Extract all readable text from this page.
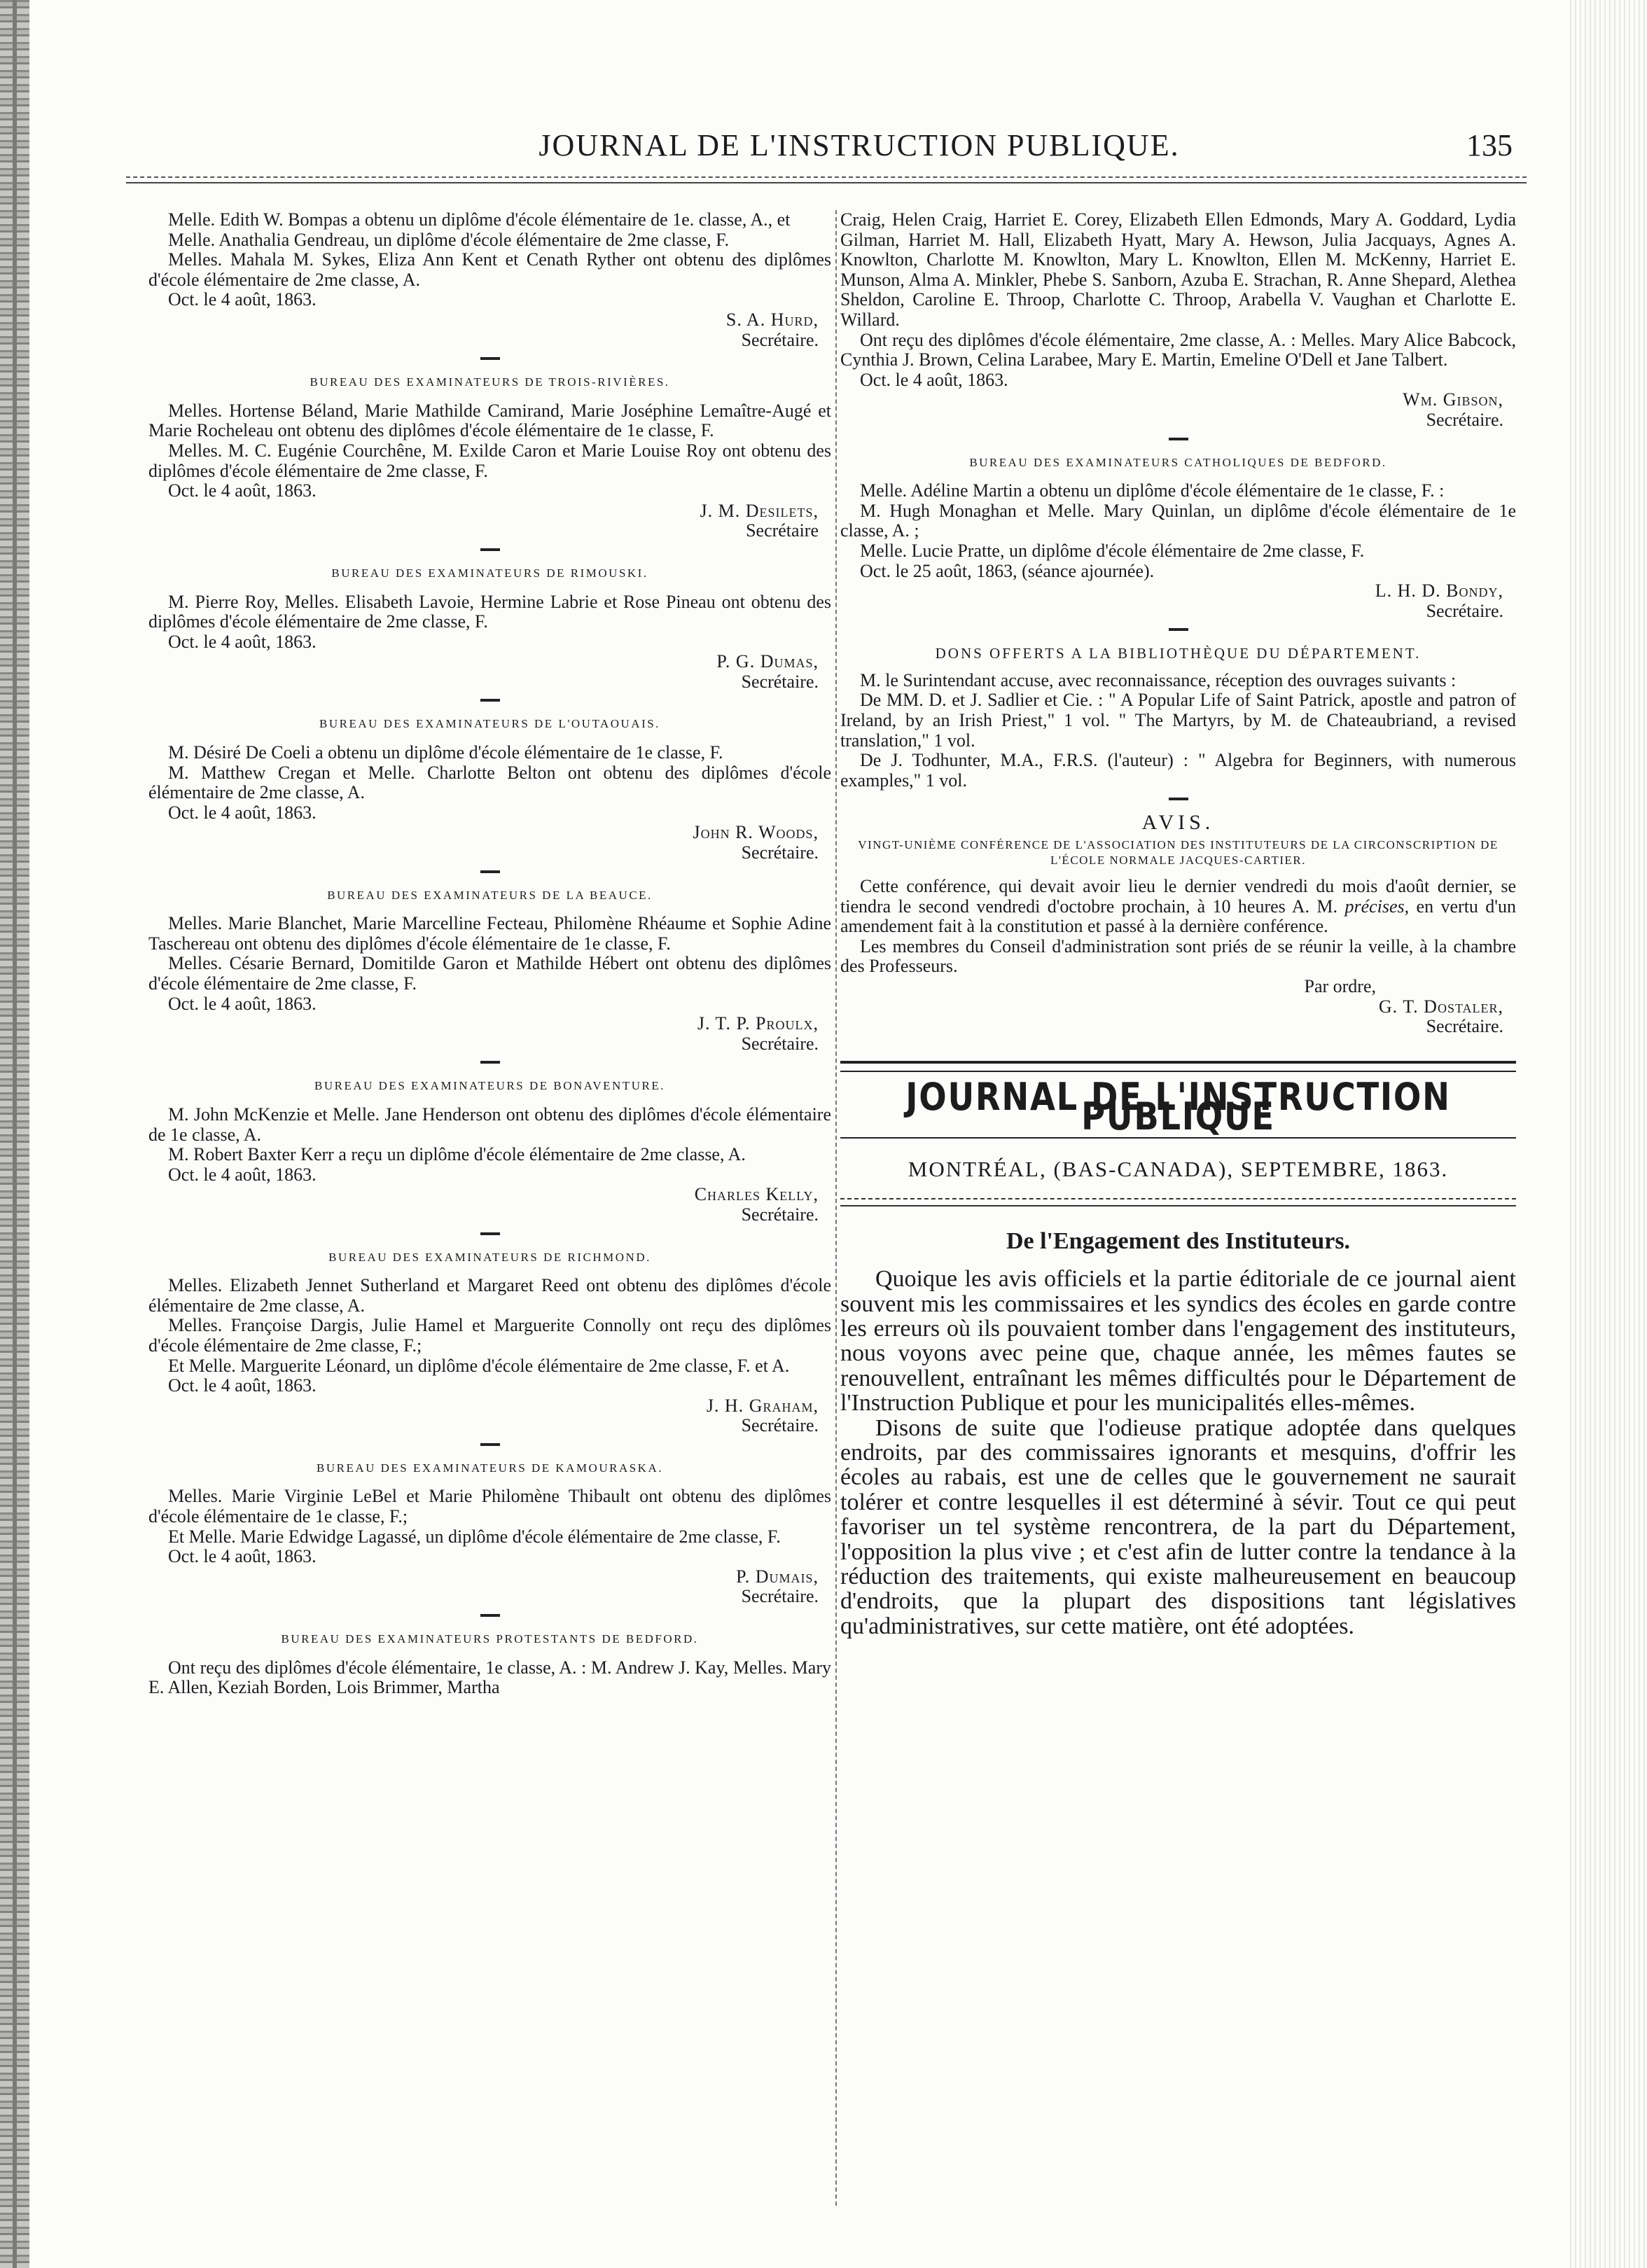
JOURNAL DE L'INSTRUCTION PUBLIQUE.	135

Melle. Edith W. Bompas a obtenu un diplôme d'école élémentaire de 1e. classe, A., et

Melle. Anathalia Gendreau, un diplôme d'école élémentaire de 2me classe, F.

Melles. Mahala M. Sykes, Eliza Ann Kent et Cenath Ryther ont obtenu des diplômes d'école élémentaire de 2me classe, A.

Oct. le 4 août, 1863.

S. A. Hurd,

Secrétaire.

BUREAU DES EXAMINATEURS DE TROIS-RIVIÈRES.

Melles. Hortense Béland, Marie Mathilde Camirand, Marie Joséphine Lemaître-Augé et Marie Rocheleau ont obtenu des diplômes d'école élémentaire de 1e classe, F.

Melles. M. C. Eugénie Courchêne, M. Exilde Caron et Marie Louise Roy ont obtenu des diplômes d'école élémentaire de 2me classe, F.

Oct. le 4 août, 1863.

J. M. Desilets,

Secrétaire

BUREAU DES EXAMINATEURS DE RIMOUSKI.

M. Pierre Roy, Melles. Elisabeth Lavoie, Hermine Labrie et Rose Pineau ont obtenu des diplômes d'école élémentaire de 2me classe, F.

Oct. le 4 août, 1863.

P. G. Dumas,

Secrétaire.

BUREAU DES EXAMINATEURS DE L'OUTAOUAIS.

M. Désiré De Coeli a obtenu un diplôme d'école élémentaire de 1e classe, F.

M. Matthew Cregan et Melle. Charlotte Belton ont obtenu des diplômes d'école élémentaire de 2me classe, A.

Oct. le 4 août, 1863.

John R. Woods,

Secrétaire.

BUREAU DES EXAMINATEURS DE LA BEAUCE.

Melles. Marie Blanchet, Marie Marcelline Fecteau, Philomène Rhéaume et Sophie Adine Taschereau ont obtenu des diplômes d'école élémentaire de 1e classe, F.

Melles. Césarie Bernard, Domitilde Garon et Mathilde Hébert ont obtenu des diplômes d'école élémentaire de 2me classe, F.

Oct. le 4 août, 1863.

J. T. P. Proulx,

Secrétaire.

BUREAU DES EXAMINATEURS DE BONAVENTURE.

M. John McKenzie et Melle. Jane Henderson ont obtenu des diplômes d'école élémentaire de 1e classe, A.

M. Robert Baxter Kerr a reçu un diplôme d'école élémentaire de 2me classe, A.

Oct. le 4 août, 1863.

Charles Kelly,

Secrétaire.

BUREAU DES EXAMINATEURS DE RICHMOND.

Melles. Elizabeth Jennet Sutherland et Margaret Reed ont obtenu des diplômes d'école élémentaire de 2me classe, A.

Melles. Françoise Dargis, Julie Hamel et Marguerite Connolly ont reçu des diplômes d'école élémentaire de 2me classe, F.;

Et Melle. Marguerite Léonard, un diplôme d'école élémentaire de 2me classe, F. et A.

Oct. le 4 août, 1863.

J. H. Graham,

Secrétaire.

BUREAU DES EXAMINATEURS DE KAMOURASKA.

Melles. Marie Virginie LeBel et Marie Philomène Thibault ont obtenu des diplômes d'école élémentaire de 1e classe, F.;

Et Melle. Marie Edwidge Lagassé, un diplôme d'école élémentaire de 2me classe, F.

Oct. le 4 août, 1863.

P. Dumais,

Secrétaire.

BUREAU DES EXAMINATEURS PROTESTANTS DE BEDFORD.

Ont reçu des diplômes d'école élémentaire, 1e classe, A. : M. Andrew J. Kay, Melles. Mary E. Allen, Keziah Borden, Lois Brimmer, Martha

Craig, Helen Craig, Harriet E. Corey, Elizabeth Ellen Edmonds, Mary A. Goddard, Lydia Gilman, Harriet M. Hall, Elizabeth Hyatt, Mary A. Hewson, Julia Jacquays, Agnes A. Knowlton, Charlotte M. Knowlton, Mary L. Knowlton, Ellen M. McKenny, Harriet E. Munson, Alma A. Minkler, Phebe S. Sanborn, Azuba E. Strachan, R. Anne Shepard, Alethea Sheldon, Caroline E. Throop, Charlotte C. Throop, Arabella V. Vaughan et Charlotte E. Willard.

Ont reçu des diplômes d'école élémentaire, 2me classe, A. : Melles. Mary Alice Babcock, Cynthia J. Brown, Celina Larabee, Mary E. Martin, Emeline O'Dell et Jane Talbert.

Oct. le 4 août, 1863.

Wm. Gibson,

Secrétaire.

BUREAU DES EXAMINATEURS CATHOLIQUES DE BEDFORD.

Melle. Adéline Martin a obtenu un diplôme d'école élémentaire de 1e classe, F. :

M. Hugh Monaghan et Melle. Mary Quinlan, un diplôme d'école élémentaire de 1e classe, A. ;

Melle. Lucie Pratte, un diplôme d'école élémentaire de 2me classe, F.

Oct. le 25 août, 1863, (séance ajournée).

L. H. D. Bondy,

Secrétaire.

DONS OFFERTS A LA BIBLIOTHÈQUE DU DÉPARTEMENT.

M. le Surintendant accuse, avec reconnaissance, réception des ouvrages suivants :

De MM. D. et J. Sadlier et Cie. : " A Popular Life of Saint Patrick, apostle and patron of Ireland, by an Irish Priest," 1 vol. " The Martyrs, by M. de Chateaubriand, a revised translation," 1 vol.

De J. Todhunter, M.A., F.R.S. (l'auteur) : " Algebra for Beginners, with numerous examples," 1 vol.

AVIS.
VINGT-UNIÈME CONFÉRENCE DE L'ASSOCIATION DES INSTITUTEURS DE LA CIRCONSCRIPTION DE L'ÉCOLE NORMALE JACQUES-CARTIER.

Cette conférence, qui devait avoir lieu le dernier vendredi du mois d'août dernier, se tiendra le second vendredi d'octobre prochain, à 10 heures A. M. précises, en vertu d'un amendement fait à la constitution et passé à la dernière conférence.

Les membres du Conseil d'administration sont priés de se réunir la veille, à la chambre des Professeurs.

Par ordre,

G. T. Dostaler,

Secrétaire.

JOURNAL DE L'INSTRUCTION PUBLIQUE
MONTRÉAL, (BAS-CANADA), SEPTEMBRE, 1863.
De l'Engagement des Instituteurs.

Quoique les avis officiels et la partie éditoriale de ce journal aient souvent mis les commissaires et les syndics des écoles en garde contre les erreurs où ils pouvaient tomber dans l'engagement des instituteurs, nous voyons avec peine que, chaque année, les mêmes fautes se renouvellent, entraînant les mêmes difficultés pour le Département de l'Instruction Publique et pour les municipalités elles-mêmes.

Disons de suite que l'odieuse pratique adoptée dans quelques endroits, par des commissaires ignorants et mesquins, d'offrir les écoles au rabais, est une de celles que le gouvernement ne saurait tolérer et contre lesquelles il est déterminé à sévir. Tout ce qui peut favoriser un tel système rencontrera, de la part du Département, l'opposition la plus vive ; et c'est afin de lutter contre la tendance à la réduction des traitements, qui existe malheureusement en beaucoup d'endroits, que la plupart des dispositions tant législatives qu'administratives, sur cette matière, ont été adoptées.
